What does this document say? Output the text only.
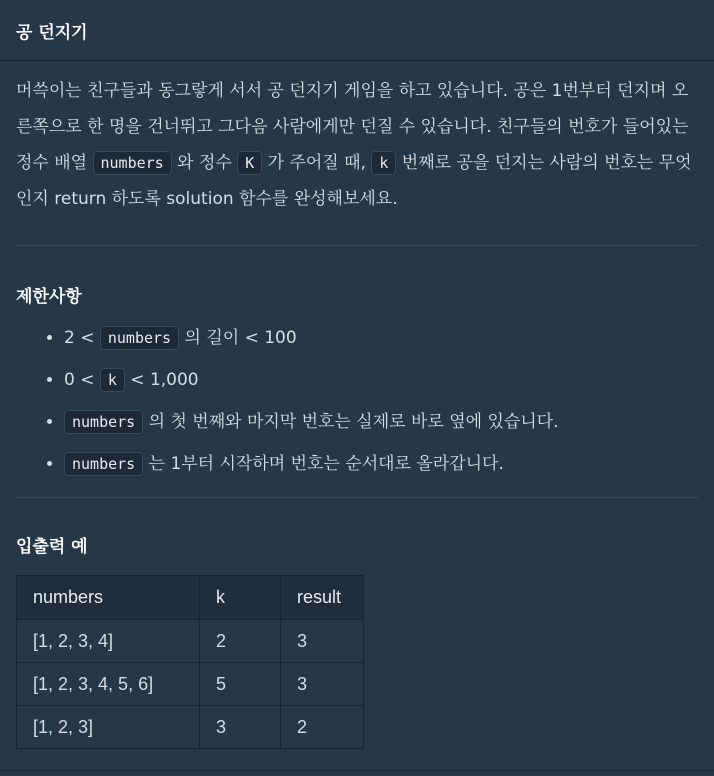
공 던지기

머쓱이는 친구들과 동그랗게 서서 공 던지기 게임을 하고 있습니다. 공은 1번부터 던지며 오른쪽으로 한 명을 건너뛰고 그다음 사람에게만 던질 수 있습니다. 친구들의 번호가 들어있는 정수 배열 numbers 와 정수 K 가 주어질 때, k 번째로 공을 던지는 사람의 번호는 무엇인지 return 하도록 solution 함수를 완성해보세요.

제한사항
• 2 < numbers 의 길이 < 100
• 0 < k < 1,000
• numbers 의 첫 번째와 마지막 번호는 실제로 바로 옆에 있습니다.
• numbers 는 1부터 시작하며 번호는 순서대로 올라갑니다.
입출력 예
numbers	k	result
[1, 2, 3, 4]	2	3
[1, 2, 3, 4, 5, 6]	5	3
[1, 2, 3]	3	2
